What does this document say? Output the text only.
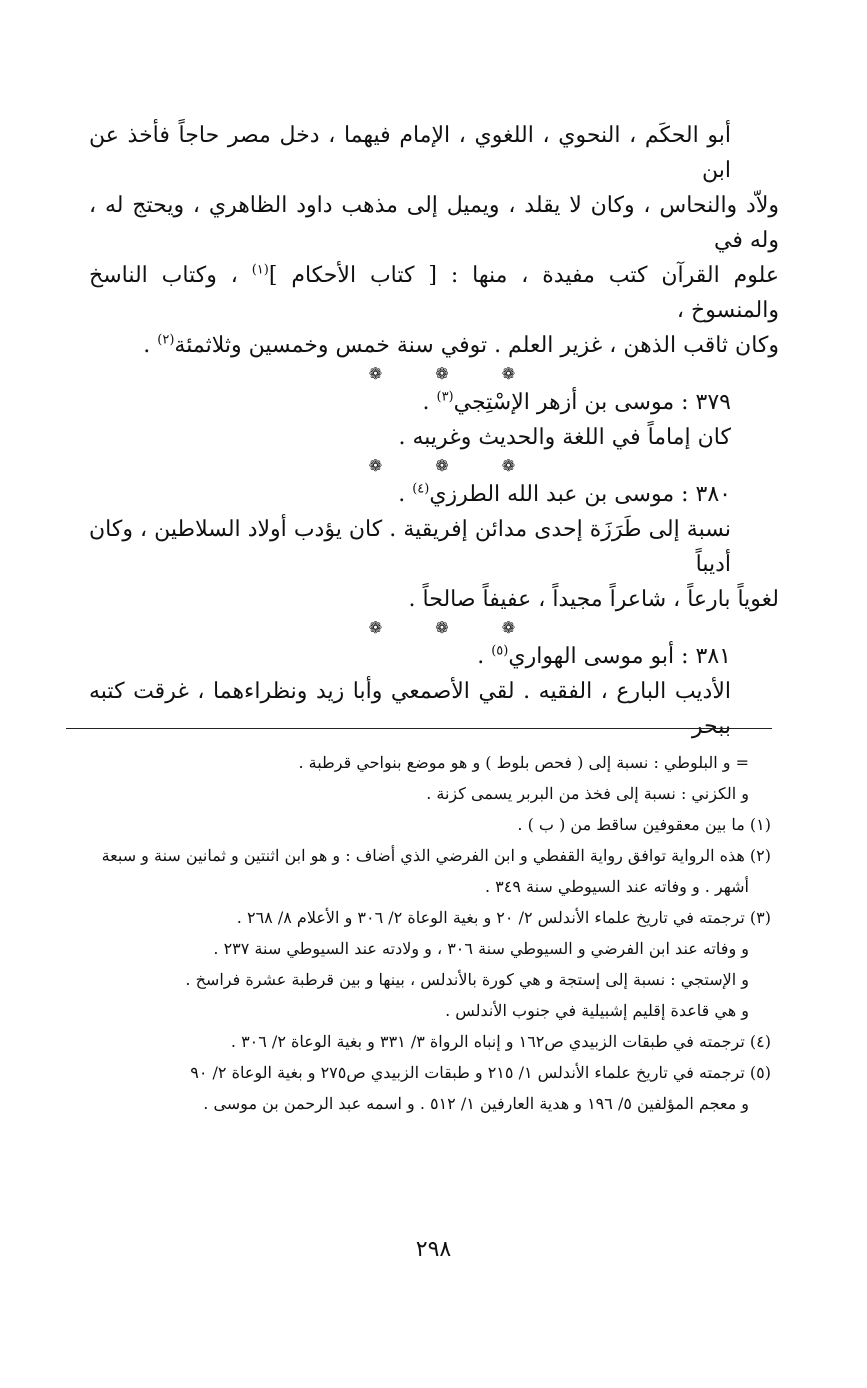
أبو الحكَم ، النحوي ، اللغوي ، الإمام فيهما ، دخل مصر حاجاً فأخذ عن ابن

ولاّد والنحاس ، وكان لا يقلد ، ويميل إلى مذهب داود الظاهري ، ويحتج له ، وله في

علوم القرآن كتب مفيدة ، منها : [ كتاب الأحكام ]$^{(١)}$ ، وكتاب الناسخ والمنسوخ ،

وكان ثاقب الذهن ، غزير العلم . توفي سنة خمس وخمسين وثلاثمئة$^{(٢)}$ .

❁ ❁ ❁

٣٧٩ : موسى بن أزهر الإسْتِجي$^{(٣)}$ .

كان إماماً في اللغة والحديث وغريبه .

❁ ❁ ❁

٣٨٠ : موسى بن عبد الله الطرزي$^{(٤)}$ .

نسبة إلى طَرَزَة إحدى مدائن إفريقية . كان يؤدب أولاد السلاطين ، وكان أديباً

لغوياً بارعاً ، شاعراً مجيداً ، عفيفاً صالحاً .

❁ ❁ ❁

٣٨١ : أبو موسى الهواري$^{(٥)}$ .

الأديب البارع ، الفقيه . لقي الأصمعي وأبا زيد ونظراءهما ، غرقت كتبه ببحر

= و البلوطي : نسبة إلى ( فحص بلوط ) و هو موضع بنواحي قرطبة .

و الكزني : نسبة إلى فخذ من البربر يسمى كزنة .

(١) ما بين معقوفين ساقط من ( ب ) .

(٢) هذه الرواية توافق رواية القفطي و ابن الفرضي الذي أضاف : و هو ابن اثنتين و ثمانين سنة و سبعة

أشهر . و وفاته عند السيوطي سنة ٣٤٩ .

(٣) ترجمته في تاريخ علماء الأندلس ٢/ ٢٠ و بغية الوعاة ٢/ ٣٠٦ و الأعلام ٨/ ٢٦٨ .

و وفاته عند ابن الفرضي و السيوطي سنة ٣٠٦ ، و ولادته عند السيوطي سنة ٢٣٧ .

و الإستجي : نسبة إلى إستجة و هي كورة بالأندلس ، بينها و بين قرطبة عشرة فراسخ .

و هي قاعدة إقليم إشبيلية في جنوب الأندلس .

(٤) ترجمته في طبقات الزبيدي ص١٦٢ و إنباه الرواة ٣/ ٣٣١ و بغية الوعاة ٢/ ٣٠٦ .

(٥) ترجمته في تاريخ علماء الأندلس ١/ ٢١٥ و طبقات الزبيدي ص٢٧٥ و بغية الوعاة ٢/ ٩٠

و معجم المؤلفين ٥/ ١٩٦ و هدية العارفين ١/ ٥١٢ . و اسمه عبد الرحمن بن موسى .

٢٩٨
